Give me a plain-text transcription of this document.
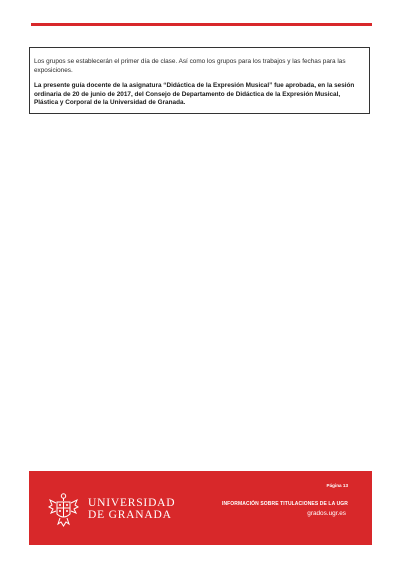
Los grupos se establecerán el primer día de clase. Así como los grupos para los trabajos y las fechas para las exposiciones.

La presente guía docente de la asignatura “Didáctica de la Expresión Musical” fue aprobada, en la sesión ordinaria de 20 de junio de 2017, del Consejo de Departamento de Didáctica de la Expresión Musical, Plástica y Corporal de la Universidad de Granada.

UNIVERSIDAD
DE GRANADA
Página 13
INFORMACIÓN SOBRE TITULACIONES DE LA UGR
grados.ugr.es
